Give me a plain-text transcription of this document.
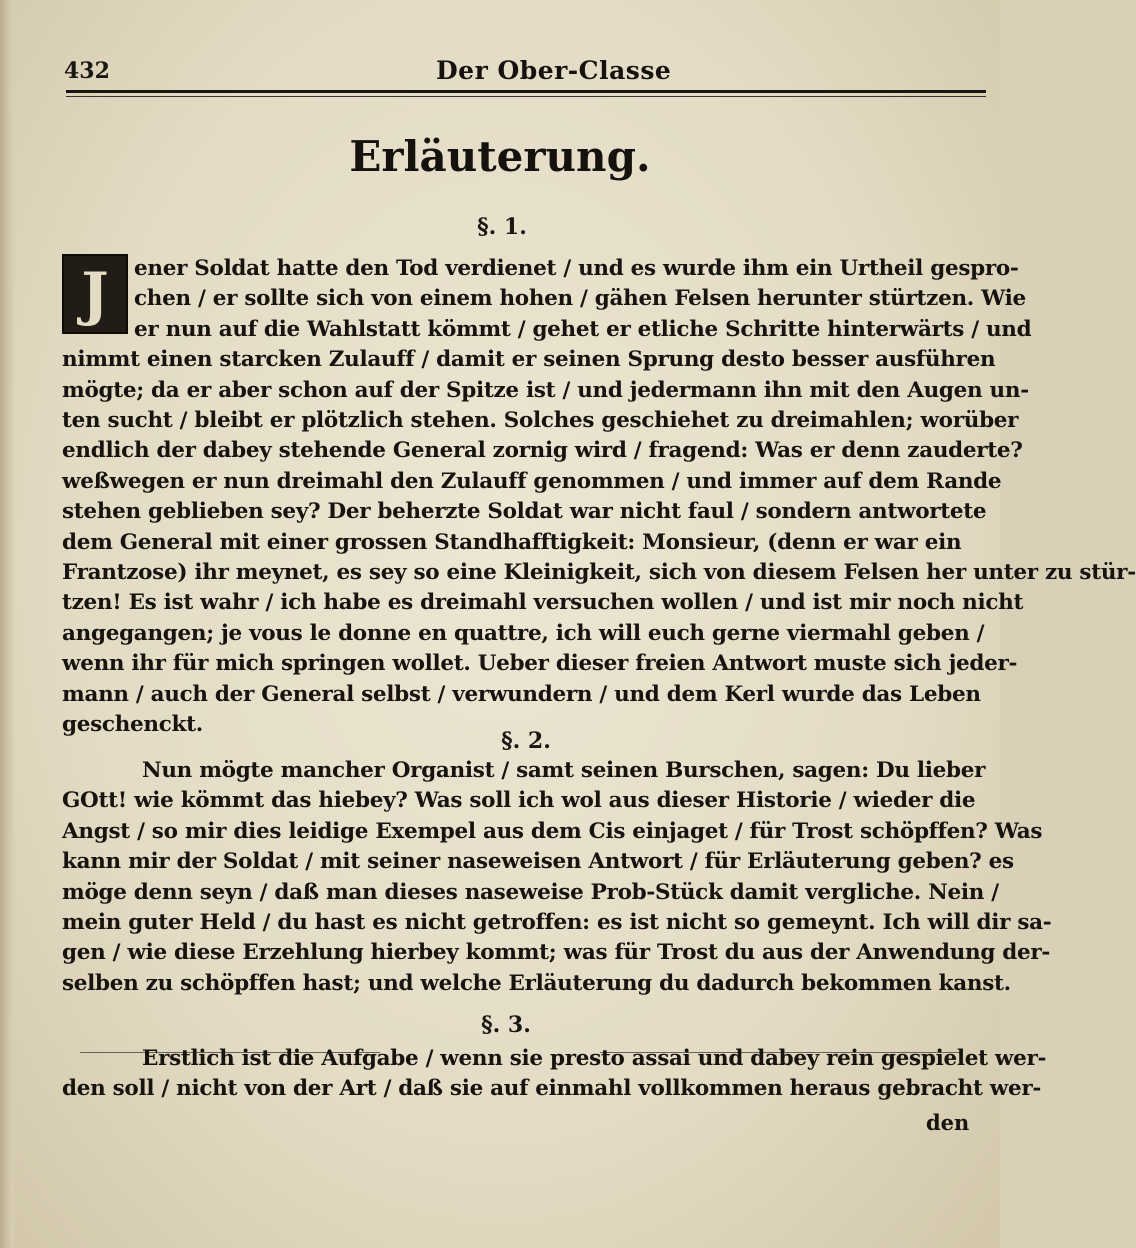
432	Der Ober-Classe
Erläuterung.
§. 1.
J	ener Soldat hatte den Tod verdienet / und es wurde ihm ein Urtheil gespro-
chen / er sollte sich von einem hohen / gähen Felsen herunter stürtzen. Wie
er nun auf die Wahlstatt kömmt / gehet er etliche Schritte hinterwärts / und
nimmt einen starcken Zulauff / damit er seinen Sprung desto besser ausführen
mögte; da er aber schon auf der Spitze ist / und jedermann ihn mit den Augen un-
ten sucht / bleibt er plötzlich stehen. Solches geschiehet zu dreimahlen; worüber
endlich der dabey stehende General zornig wird / fragend: Was er denn zauderte?
weßwegen er nun dreimahl den Zulauff genommen / und immer auf dem Rande
stehen geblieben sey? Der beherzte Soldat war nicht faul / sondern antwortete
dem General mit einer grossen Standhafftigkeit: Monsieur, (denn er war ein
Frantzose) ihr meynet, es sey so eine Kleinigkeit, sich von diesem Felsen her unter zu stür-
tzen! Es ist wahr / ich habe es dreimahl versuchen wollen / und ist mir noch nicht
angegangen; je vous le donne en quattre, ich will euch gerne viermahl geben /
wenn ihr für mich springen wollet. Ueber dieser freien Antwort muste sich jeder-
mann / auch der General selbst / verwundern / und dem Kerl wurde das Leben
geschenckt.
§. 2.
Nun mögte mancher Organist / samt seinen Burschen, sagen: Du lieber
GOtt! wie kömmt das hiebey? Was soll ich wol aus dieser Historie / wieder die
Angst / so mir dies leidige Exempel aus dem Cis einjaget / für Trost schöpffen? Was
kann mir der Soldat / mit seiner naseweisen Antwort / für Erläuterung geben? es
möge denn seyn / daß man dieses naseweise Prob-Stück damit vergliche. Nein /
mein guter Held / du hast es nicht getroffen: es ist nicht so gemeynt. Ich will dir sa-
gen / wie diese Erzehlung hierbey kommt; was für Trost du aus der Anwendung der-
selben zu schöpffen hast; und welche Erläuterung du dadurch bekommen kanst.
§. 3.
Erstlich ist die Aufgabe / wenn sie presto assai und dabey rein gespielet wer-
den soll / nicht von der Art / daß sie auf einmahl vollkommen heraus gebracht wer-
den
